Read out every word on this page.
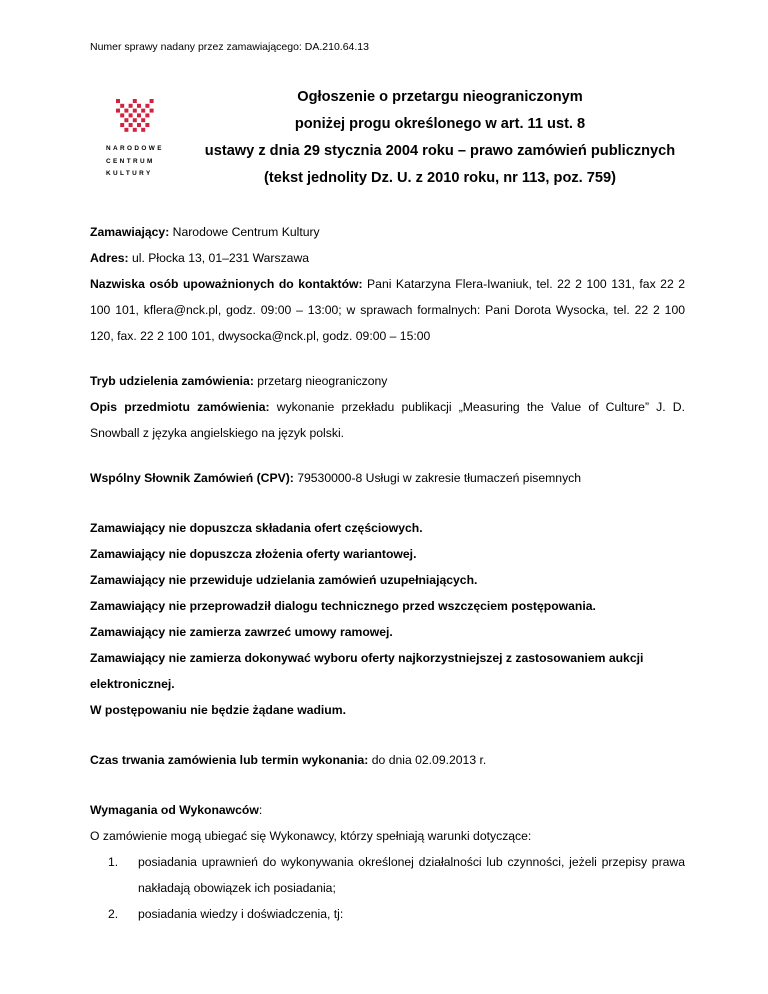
Numer sprawy nadany przez zamawiającego: DA.210.64.13
NARODOWE
CENTRUM
KULTURY
Ogłoszenie o przetargu nieograniczonym
poniżej progu określonego w art. 11 ust. 8
ustawy z dnia 29 stycznia 2004 roku – prawo zamówień publicznych
(tekst jednolity Dz. U. z 2010 roku, nr 113, poz. 759)

Zamawiający: Narodowe Centrum Kultury

Adres: ul. Płocka 13, 01–231 Warszawa

Nazwiska osób upoważnionych do kontaktów: Pani Katarzyna Flera-Iwaniuk, tel. 22 2 100 131, fax 22 2 100 101, kflera@nck.pl, godz. 09:00 – 13:00; w sprawach formalnych: Pani Dorota Wysocka, tel. 22 2 100 120, fax. 22 2 100 101, dwysocka@nck.pl, godz. 09:00 – 15:00

Tryb udzielenia zamówienia: przetarg nieograniczony

Opis przedmiotu zamówienia: wykonanie przekładu publikacji „Measuring the Value of Culture” J. D. Snowball z języka angielskiego na język polski.

Wspólny Słownik Zamówień (CPV): 79530000-8 Usługi w zakresie tłumaczeń pisemnych

Zamawiający nie dopuszcza składania ofert częściowych.

Zamawiający nie dopuszcza złożenia oferty wariantowej.

Zamawiający nie przewiduje udzielania zamówień uzupełniających.

Zamawiający nie przeprowadził dialogu technicznego przed wszczęciem postępowania.

Zamawiający nie zamierza zawrzeć umowy ramowej.

Zamawiający nie zamierza dokonywać wyboru oferty najkorzystniejszej z zastosowaniem aukcji elektronicznej.

W postępowaniu nie będzie żądane wadium.

Czas trwania zamówienia lub termin wykonania: do dnia 02.09.2013 r.

Wymagania od Wykonawców:

O zamówienie mogą ubiegać się Wykonawcy, którzy spełniają warunki dotyczące:

1. posiadania uprawnień do wykonywania określonej działalności lub czynności, jeżeli przepisy prawa nakładają obowiązek ich posiadania;

2. posiadania wiedzy i doświadczenia, tj:
